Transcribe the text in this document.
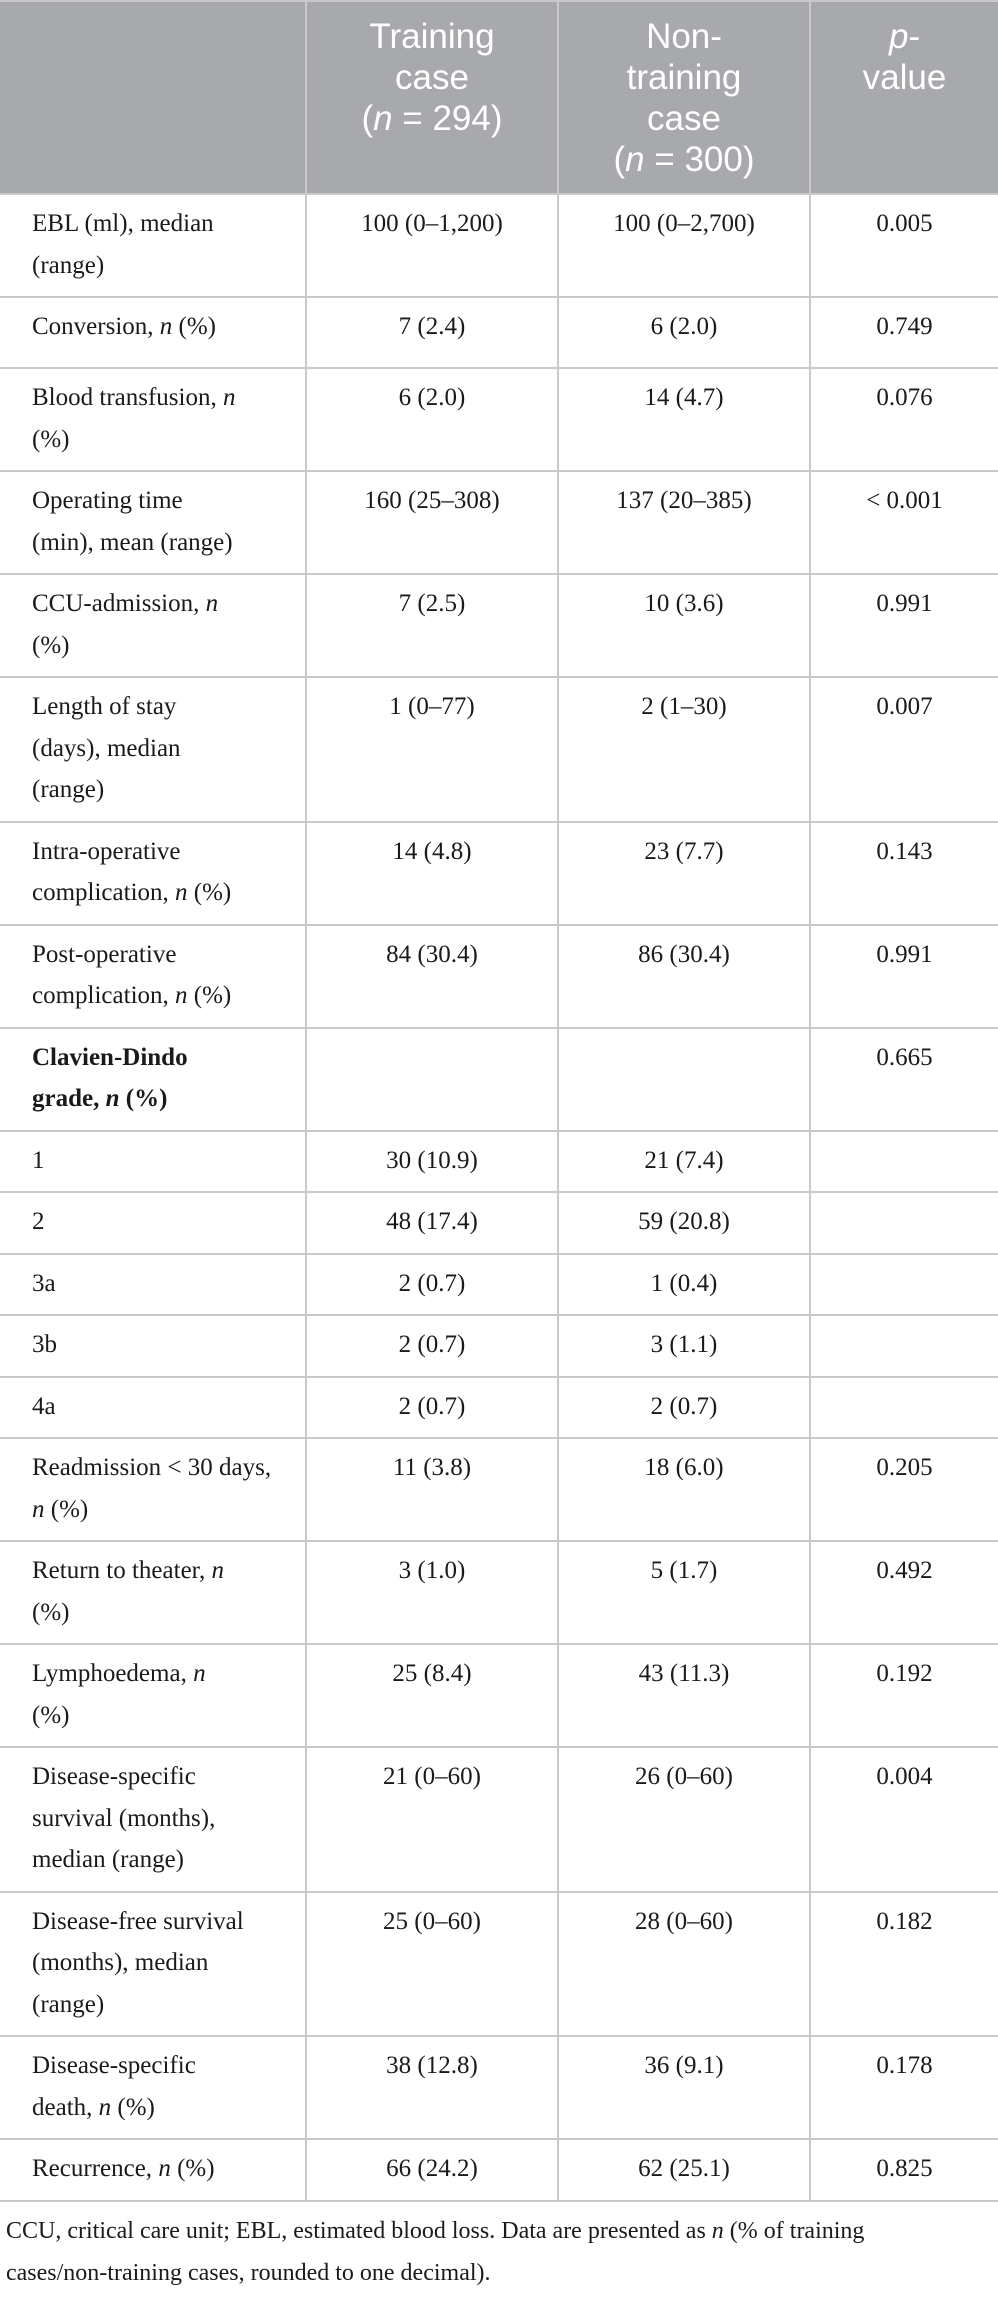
	Training
case
(n = 294)	Non-
training
case
(n = 300)	p-
value
EBL (ml), median
(range)	100 (0–1,200)	100 (0–2,700)	0.005
Conversion, n (%)	7 (2.4)	6 (2.0)	0.749
Blood transfusion, n
(%)	6 (2.0)	14 (4.7)	0.076
Operating time
(min), mean (range)	160 (25–308)	137 (20–385)	< 0.001
CCU-admission, n
(%)	7 (2.5)	10 (3.6)	0.991
Length of stay
(days), median
(range)	1 (0–77)	2 (1–30)	0.007
Intra-operative
complication, n (%)	14 (4.8)	23 (7.7)	0.143
Post-operative
complication, n (%)	84 (30.4)	86 (30.4)	0.991
Clavien-Dindo
grade, n (%)			0.665
1	30 (10.9)	21 (7.4)	
2	48 (17.4)	59 (20.8)	
3a	2 (0.7)	1 (0.4)	
3b	2 (0.7)	3 (1.1)	
4a	2 (0.7)	2 (0.7)	
Readmission < 30 days,
n (%)	11 (3.8)	18 (6.0)	0.205
Return to theater, n
(%)	3 (1.0)	5 (1.7)	0.492
Lymphoedema, n
(%)	25 (8.4)	43 (11.3)	0.192
Disease-specific
survival (months),
median (range)	21 (0–60)	26 (0–60)	0.004
Disease-free survival
(months), median
(range)	25 (0–60)	28 (0–60)	0.182
Disease-specific
death, n (%)	38 (12.8)	36 (9.1)	0.178
Recurrence, n (%)	66 (24.2)	62 (25.1)	0.825
CCU, critical care unit; EBL, estimated blood loss. Data are presented as n (% of training
cases/non-training cases, rounded to one decimal).
